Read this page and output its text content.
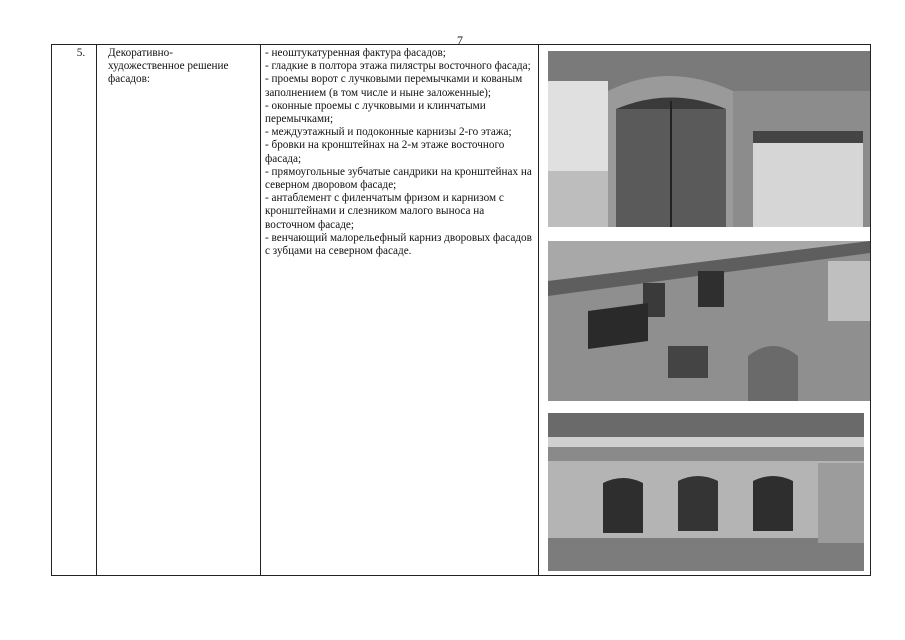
7
5.	Декоративно-
художественное решение
фасадов:
- неоштукатуренная фактура фасадов;
- гладкие в полтора этажа пилястры восточного фасада;
- проемы ворот с лучковыми перемычками и кованым заполнением (в том числе и ныне заложенные);
- оконные проемы с лучковыми и клинчатыми перемычками;
- междуэтажный и подоконные карнизы 2-го этажа;
- бровки на кронштейнах на 2-м этаже восточного фасада;
- прямоугольные зубчатые сандрики на кронштейнах на северном дворовом фасаде;
- антаблемент с филенчатым фризом и карнизом с кронштейнами и слезником малого выноса на восточном фасаде;
- венчающий малорельефный карниз дворовых фасадов с зубцами на северном фасаде.
